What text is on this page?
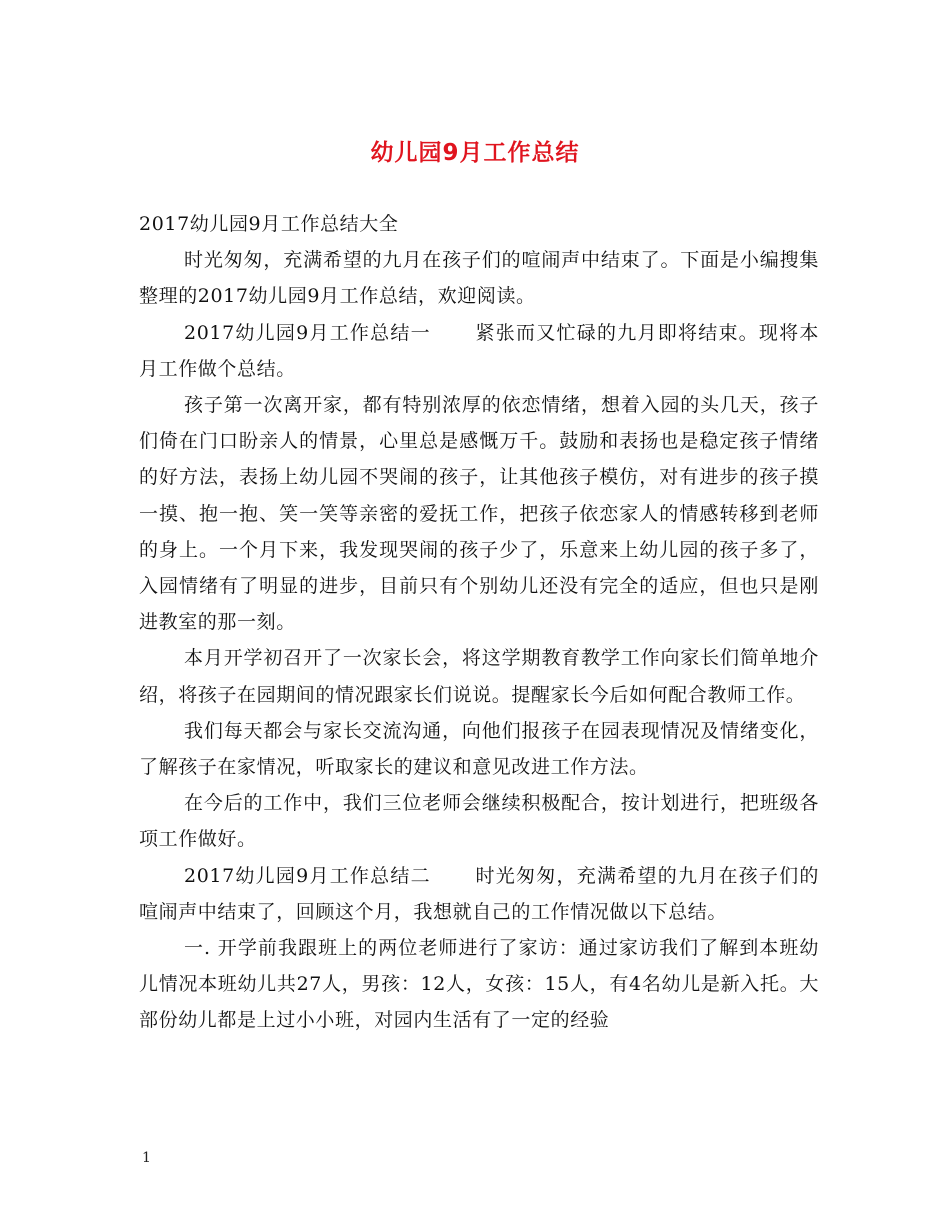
幼儿园9月工作总结

2017幼儿园9月工作总结大全

时光匆匆，充满希望的九月在孩子们的喧闹声中结束了。下面是小编搜集整理的2017幼儿园9月工作总结，欢迎阅读。

2017幼儿园9月工作总结一 紧张而又忙碌的九月即将结束。现将本月工作做个总结。

孩子第一次离开家，都有特别浓厚的依恋情绪，想着入园的头几天，孩子们倚在门口盼亲人的情景，心里总是感慨万千。鼓励和表扬也是稳定孩子情绪的好方法，表扬上幼儿园不哭闹的孩子，让其他孩子模仿，对有进步的孩子摸一摸、抱一抱、笑一笑等亲密的爱抚工作，把孩子依恋家人的情感转移到老师的身上。一个月下来，我发现哭闹的孩子少了，乐意来上幼儿园的孩子多了，入园情绪有了明显的进步，目前只有个别幼儿还没有完全的适应，但也只是刚进教室的那一刻。

本月开学初召开了一次家长会，将这学期教育教学工作向家长们简单地介绍，将孩子在园期间的情况跟家长们说说。提醒家长今后如何配合教师工作。

我们每天都会与家长交流沟通，向他们报孩子在园表现情况及情绪变化，了解孩子在家情况，听取家长的建议和意见改进工作方法。

在今后的工作中，我们三位老师会继续积极配合，按计划进行，把班级各项工作做好。

2017幼儿园9月工作总结二 时光匆匆，充满希望的九月在孩子们的喧闹声中结束了，回顾这个月，我想就自己的工作情况做以下总结。

一. 开学前我跟班上的两位老师进行了家访：通过家访我们了解到本班幼儿情况本班幼儿共27人，男孩：12人，女孩：15人，有4名幼儿是新入托。大部份幼儿都是上过小小班，对园内生活有了一定的经验

1
